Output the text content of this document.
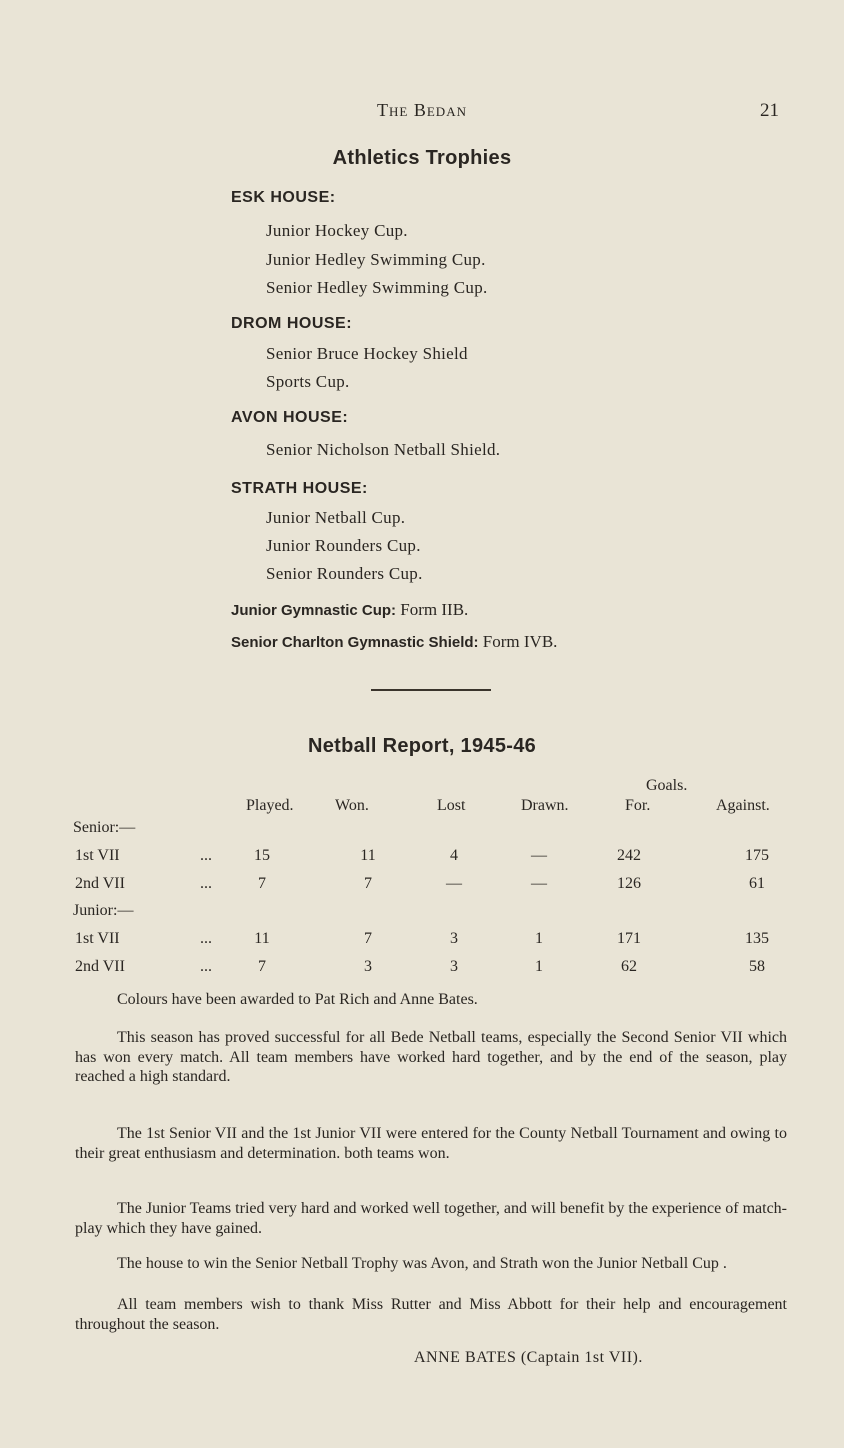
The Bedan	21
Athletics Trophies
ESK HOUSE:
Junior Hockey Cup.
Junior Hedley Swimming Cup.
Senior Hedley Swimming Cup.
DROM HOUSE:
Senior Bruce Hockey Shield
Sports Cup.
AVON HOUSE:
Senior Nicholson Netball Shield.
STRATH HOUSE:
Junior Netball Cup.
Junior Rounders Cup.
Senior Rounders Cup.
Junior Gymnastic Cup: Form IIB.
Senior Charlton Gymnastic Shield: Form IVB.
Netball Report, 1945-46
Goals.
Played.	Won.	Lost	Drawn.	For.	Against.
Senior:—
1st VII	...	15	11	4	—	242	175
2nd VII	...	7	7	—	—	126	61
Junior:—
1st VII	...	11	7	3	1	171	135
2nd VII	...	7	3	3	1	62	58
Colours have been awarded to Pat Rich and Anne Bates.
This season has proved successful for all Bede Netball teams, especially the Second Senior VII which has won every match. All team members have worked hard together, and by the end of the season, play reached a high standard.
The 1st Senior VII and the 1st Junior VII were entered for the County Netball Tournament and owing to their great enthusiasm and determination. both teams won.
The Junior Teams tried very hard and worked well together, and will benefit by the experience of match-play which they have gained.
The house to win the Senior Netball Trophy was Avon, and Strath won the Junior Netball Cup .
All team members wish to thank Miss Rutter and Miss Abbott for their help and encouragement throughout the season.
ANNE BATES (Captain 1st VII).
